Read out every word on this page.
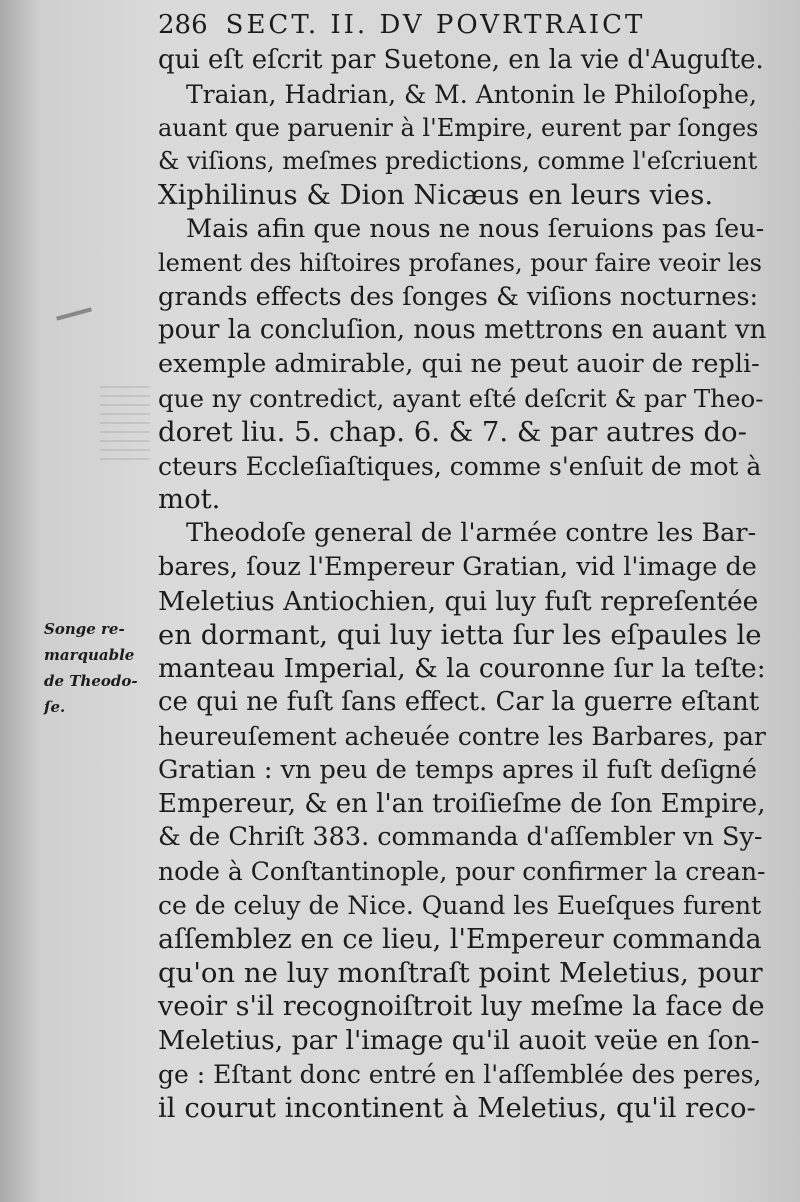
286 SECT. II. DV POVRTRAICT
qui eſt eſcrit par Suetone, en la vie d'Auguſte.
Traian, Hadrian, & M. Antonin le Philoſophe,
auant que paruenir à l'Empire, eurent par ſonges
& viſions, meſmes predictions, comme l'eſcriuent
Xiphilinus & Dion Nicæus en leurs vies.
Mais afin que nous ne nous ſeruions pas ſeu-
lement des hiſtoires profanes, pour faire veoir les
grands effects des ſonges & viſions nocturnes:
pour la concluſion, nous mettrons en auant vn
exemple admirable, qui ne peut auoir de repli-
que ny contredict, ayant eſté deſcrit & par Theo-
doret liu. 5. chap. 6. & 7. & par autres do-
cteurs Eccleſiaſtiques, comme s'enſuit de mot à
mot.
Theodoſe general de l'armée contre les Bar-
bares, ſouz l'Empereur Gratian, vid l'image de
Meletius Antiochien, qui luy fuſt repreſentée
en dormant, qui luy ietta ſur les eſpaules le
manteau Imperial, & la couronne ſur la teſte:
ce qui ne fuſt ſans effect. Car la guerre eſtant
heureuſement acheuée contre les Barbares, par
Gratian : vn peu de temps apres il fuſt deſigné
Empereur, & en l'an troiſieſme de ſon Empire,
& de Chriſt 383. commanda d'aſſembler vn Sy-
node à Conſtantinople, pour confirmer la crean-
ce de celuy de Nice. Quand les Eueſques furent
aſſemblez en ce lieu, l'Empereur commanda
qu'on ne luy monſtraſt point Meletius, pour
veoir s'il recognoiſtroit luy meſme la face de
Meletius, par l'image qu'il auoit veüe en ſon-
ge : Eſtant donc entré en l'aſſemblée des peres,
il courut incontinent à Meletius, qu'il reco-
Songe re-
marquable
de Theodo-
ſe.
